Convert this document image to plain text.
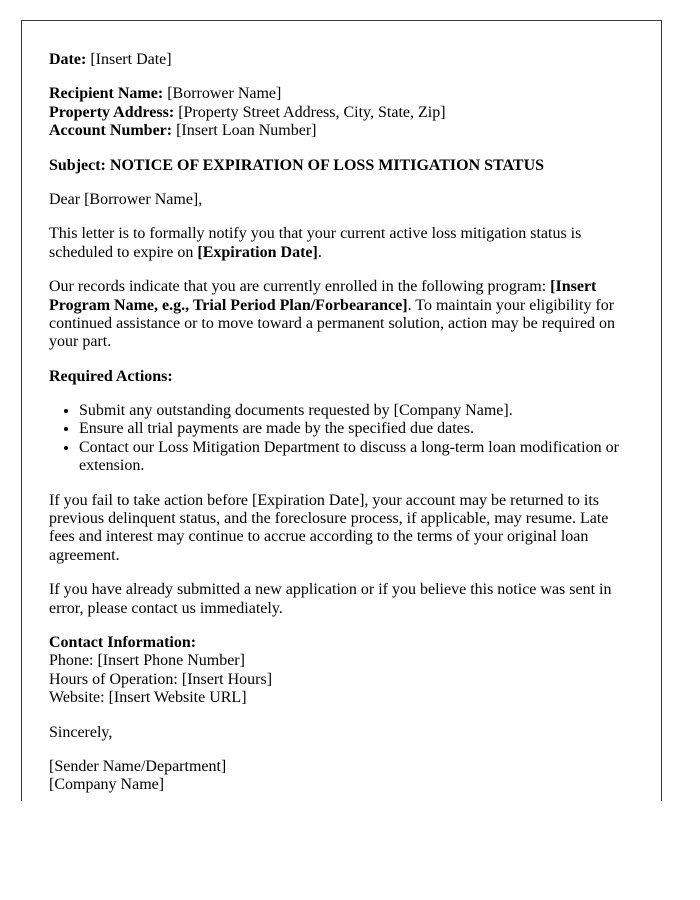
Date: [Insert Date]

Recipient Name: [Borrower Name]
Property Address: [Property Street Address, City, State, Zip]
Account Number: [Insert Loan Number]

Subject: NOTICE OF EXPIRATION OF LOSS MITIGATION STATUS

Dear [Borrower Name],

This letter is to formally notify you that your current active loss mitigation status is scheduled to expire on [Expiration Date].

Our records indicate that you are currently enrolled in the following program: [Insert Program Name, e.g., Trial Period Plan/Forbearance]. To maintain your eligibility for continued assistance or to move toward a permanent solution, action may be required on your part.

Required Actions:

• Submit any outstanding documents requested by [Company Name].
• Ensure all trial payments are made by the specified due dates.
• Contact our Loss Mitigation Department to discuss a long-term loan modification or extension.

If you fail to take action before [Expiration Date], your account may be returned to its previous delinquent status, and the foreclosure process, if applicable, may resume. Late fees and interest may continue to accrue according to the terms of your original loan agreement.

If you have already submitted a new application or if you believe this notice was sent in error, please contact us immediately.

Contact Information:
Phone: [Insert Phone Number]
Hours of Operation: [Insert Hours]
Website: [Insert Website URL]

Sincerely,

[Sender Name/Department]
[Company Name]
